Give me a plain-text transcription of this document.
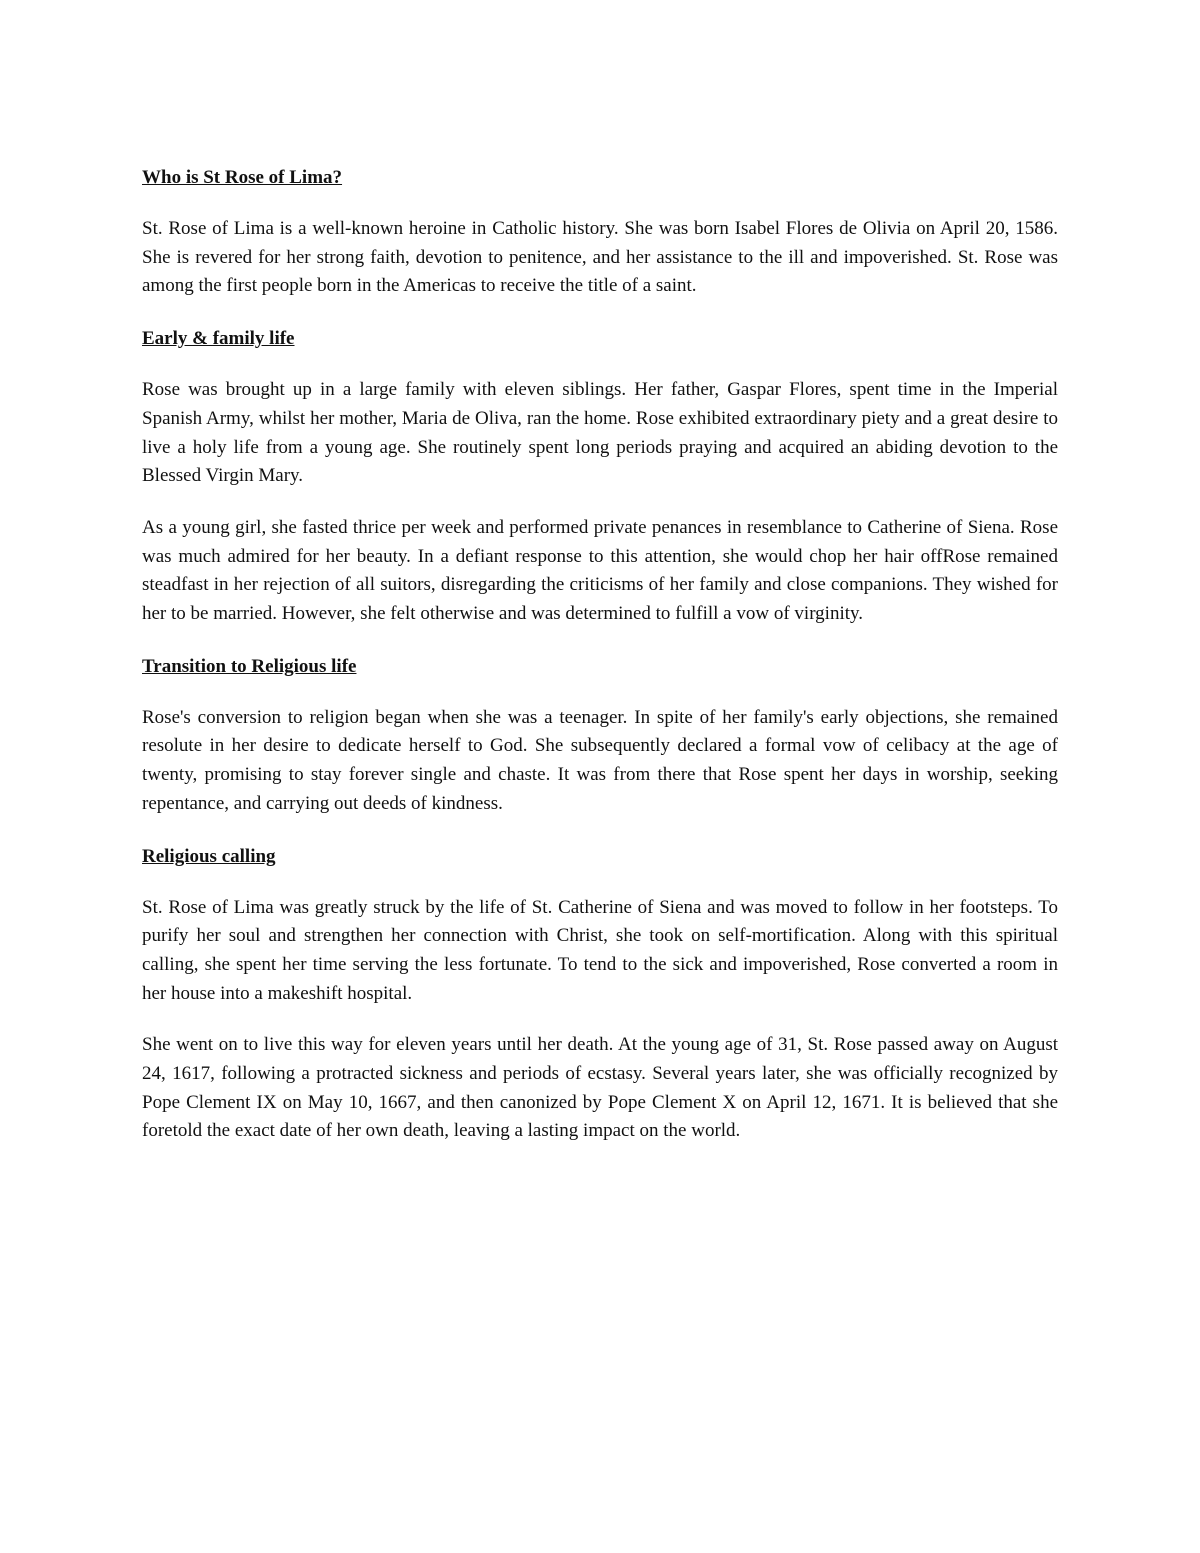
Who is St Rose of Lima?

St. Rose of Lima is a well-known heroine in Catholic history. She was born Isabel Flores de Olivia on April 20, 1586. She is revered for her strong faith, devotion to penitence, and her assistance to the ill and impoverished. St. Rose was among the first people born in the Americas to receive the title of a saint.

Early & family life

Rose was brought up in a large family with eleven siblings. Her father, Gaspar Flores, spent time in the Imperial Spanish Army, whilst her mother, Maria de Oliva, ran the home. Rose exhibited extraordinary piety and a great desire to live a holy life from a young age. She routinely spent long periods praying and acquired an abiding devotion to the Blessed Virgin Mary.

As a young girl, she fasted thrice per week and performed private penances in resemblance to Catherine of Siena. Rose was much admired for her beauty. In a defiant response to this attention, she would chop her hair offRose remained steadfast in her rejection of all suitors, disregarding the criticisms of her family and close companions. They wished for her to be married. However, she felt otherwise and was determined to fulfill a vow of virginity.

Transition to Religious life

Rose's conversion to religion began when she was a teenager. In spite of her family's early objections, she remained resolute in her desire to dedicate herself to God. She subsequently declared a formal vow of celibacy at the age of twenty, promising to stay forever single and chaste. It was from there that Rose spent her days in worship, seeking repentance, and carrying out deeds of kindness.

Religious calling

St. Rose of Lima was greatly struck by the life of St. Catherine of Siena and was moved to follow in her footsteps. To purify her soul and strengthen her connection with Christ, she took on self-mortification. Along with this spiritual calling, she spent her time serving the less fortunate. To tend to the sick and impoverished, Rose converted a room in her house into a makeshift hospital.

She went on to live this way for eleven years until her death. At the young age of 31, St. Rose passed away on August 24, 1617, following a protracted sickness and periods of ecstasy. Several years later, she was officially recognized by Pope Clement IX on May 10, 1667, and then canonized by Pope Clement X on April 12, 1671. It is believed that she foretold the exact date of her own death, leaving a lasting impact on the world.
